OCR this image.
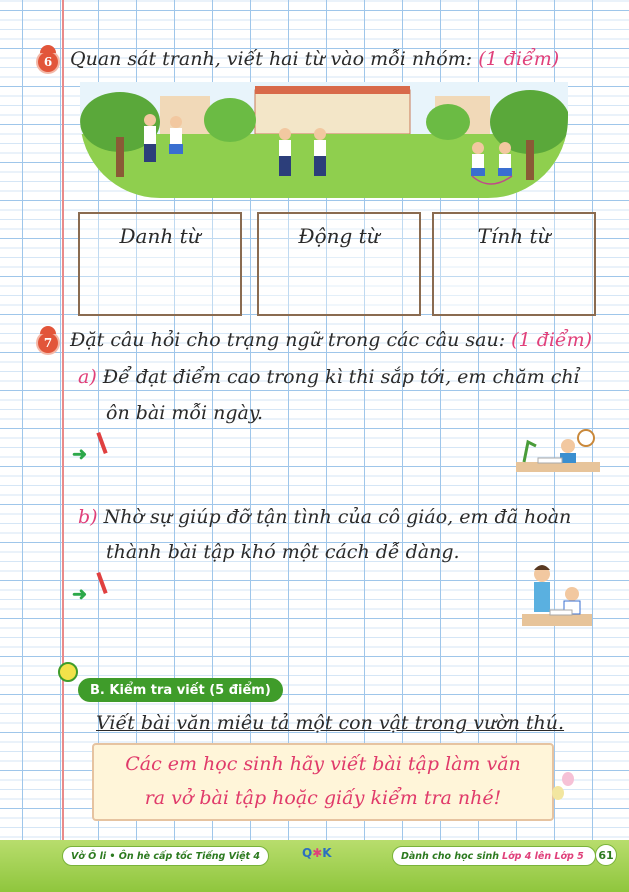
6 Quan sát tranh, viết hai từ vào mỗi nhóm: (1 điểm)
Danh từ	Động từ	Tính từ
7 Đặt câu hỏi cho trạng ngữ trong các câu sau: (1 điểm)
a) Để đạt điểm cao trong kì thi sắp tới, em chăm chỉ
ôn bài mỗi ngày.
➜
b) Nhờ sự giúp đỡ tận tình của cô giáo, em đã hoàn
thành bài tập khó một cách dễ dàng.
➜
B. Kiểm tra viết (5 điểm)
Viết bài văn miêu tả một con vật trong vườn thú.
Các em học sinh hãy viết bài tập làm văn
ra vở bài tập hoặc giấy kiểm tra nhé!
Vở Ô li • Ôn hè cấp tốc Tiếng Việt 4	Q✱K	Dành cho học sinh Lớp 4 lên Lớp 5	61
